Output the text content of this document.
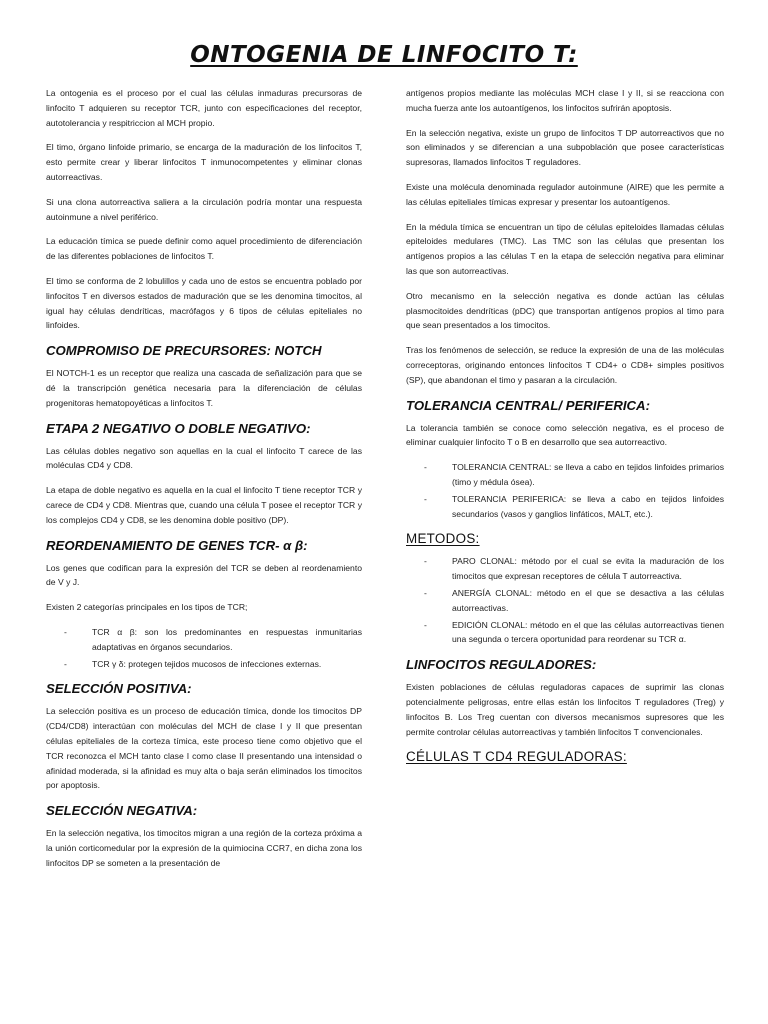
ONTOGENIA DE LINFOCITO T:

La ontogenia es el proceso por el cual las células inmaduras precursoras de linfocito T adquieren su receptor TCR, junto con especificaciones del receptor, autotolerancia y respitriccion al MCH propio.

El timo, órgano linfoide primario, se encarga de la maduración de los linfocitos T, esto permite crear y liberar linfocitos T inmunocompetentes y eliminar clonas autorreactivas.

Si una clona autorreactiva saliera a la circulación podría montar una respuesta autoinmune a nivel periférico.

La educación tímica se puede definir como aquel procedimiento de diferenciación de las diferentes poblaciones de linfocitos T.

El timo se conforma de 2 lobulillos y cada uno de estos se encuentra poblado por linfocitos T en diversos estados de maduración que se les denomina timocitos, al igual hay células dendríticas, macrófagos y 6 tipos de células epiteliales no linfoides.

COMPROMISO DE PRECURSORES: NOTCH

El NOTCH-1 es un receptor que realiza una cascada de señalización para que se dé la transcripción genética necesaria para la diferenciación de células progenitoras hematopoyéticas a linfocitos T.

ETAPA 2 NEGATIVO O DOBLE NEGATIVO:

Las células dobles negativo son aquellas en la cual el linfocito T carece de las moléculas CD4 y CD8.

La etapa de doble negativo es aquella en la cual el linfocito T tiene receptor TCR y carece de CD4 y CD8. Mientras que, cuando una célula T posee el receptor TCR y los complejos CD4 y CD8, se les denomina doble positivo (DP).

REORDENAMIENTO DE GENES TCR- α β:

Los genes que codifican para la expresión del TCR se deben al reordenamiento de V y J.

Existen 2 categorías principales en los tipos de TCR;

-	TCR α β: son los predominantes en respuestas inmunitarias adaptativas en órganos secundarios.
-	TCR γ δ: protegen tejidos mucosos de infecciones externas.
SELECCIÓN POSITIVA:

La selección positiva es un proceso de educación tímica, donde los timocitos DP (CD4/CD8) interactúan con moléculas del MCH de clase I y II que presentan células epiteliales de la corteza tímica, este proceso tiene como objetivo que el TCR reconozca el MCH tanto clase I como clase II presentando una intensidad o afinidad moderada, si la afinidad es muy alta o baja serán eliminados los timocitos por apoptosis.

SELECCIÓN NEGATIVA:

En la selección negativa, los timocitos migran a una región de la corteza próxima a la unión corticomedular por la expresión de la quimiocina CCR7, en dicha zona los linfocitos DP se someten a la presentación de

antígenos propios mediante las moléculas MCH clase I y II, si se reacciona con mucha fuerza ante los autoantígenos, los linfocitos sufrirán apoptosis.

En la selección negativa, existe un grupo de linfocitos T DP autorreactivos que no son eliminados y se diferencian a una subpoblación que posee características supresoras, llamados linfocitos T reguladores.

Existe una molécula denominada regulador autoinmune (AIRE) que les permite a las células epiteliales tímicas expresar y presentar los autoantígenos.

En la médula tímica se encuentran un tipo de células epiteloides llamadas células epiteloides medulares (TMC). Las TMC son las células que presentan los antígenos propios a las células T en la etapa de selección negativa para eliminar las que son autorreactivas.

Otro mecanismo en la selección negativa es donde actúan las células plasmocitoides dendríticas (pDC) que transportan antígenos propios al timo para que sean presentados a los timocitos.

Tras los fenómenos de selección, se reduce la expresión de una de las moléculas correceptoras, originando entonces linfocitos T CD4+ o CD8+ simples positivos (SP), que abandonan el timo y pasaran a la circulación.

TOLERANCIA CENTRAL/ PERIFERICA:

La tolerancia también se conoce como selección negativa, es el proceso de eliminar cualquier linfocito T o B en desarrollo que sea autorreactivo.

-	TOLERANCIA CENTRAL: se lleva a cabo en tejidos linfoides primarios (timo y médula ósea).
-	TOLERANCIA PERIFERICA: se lleva a cabo en tejidos linfoides secundarios (vasos y ganglios linfáticos, MALT, etc.).
METODOS:
-	PARO CLONAL: método por el cual se evita la maduración de los timocitos que expresan receptores de célula T autorreactiva.
-	ANERGÍA CLONAL: método en el que se desactiva a las células autorreactivas.
-	EDICIÓN CLONAL: método en el que las células autorreactivas tienen una segunda o tercera oportunidad para reordenar su TCR α.
LINFOCITOS REGULADORES:

Existen poblaciones de células reguladoras capaces de suprimir las clonas potencialmente peligrosas, entre ellas están los linfocitos T reguladores (Treg) y linfocitos B. Los Treg cuentan con diversos mecanismos supresores que les permite controlar células autorreactivas y también linfocitos T convencionales.

CÉLULAS T CD4 REGULADORAS:
